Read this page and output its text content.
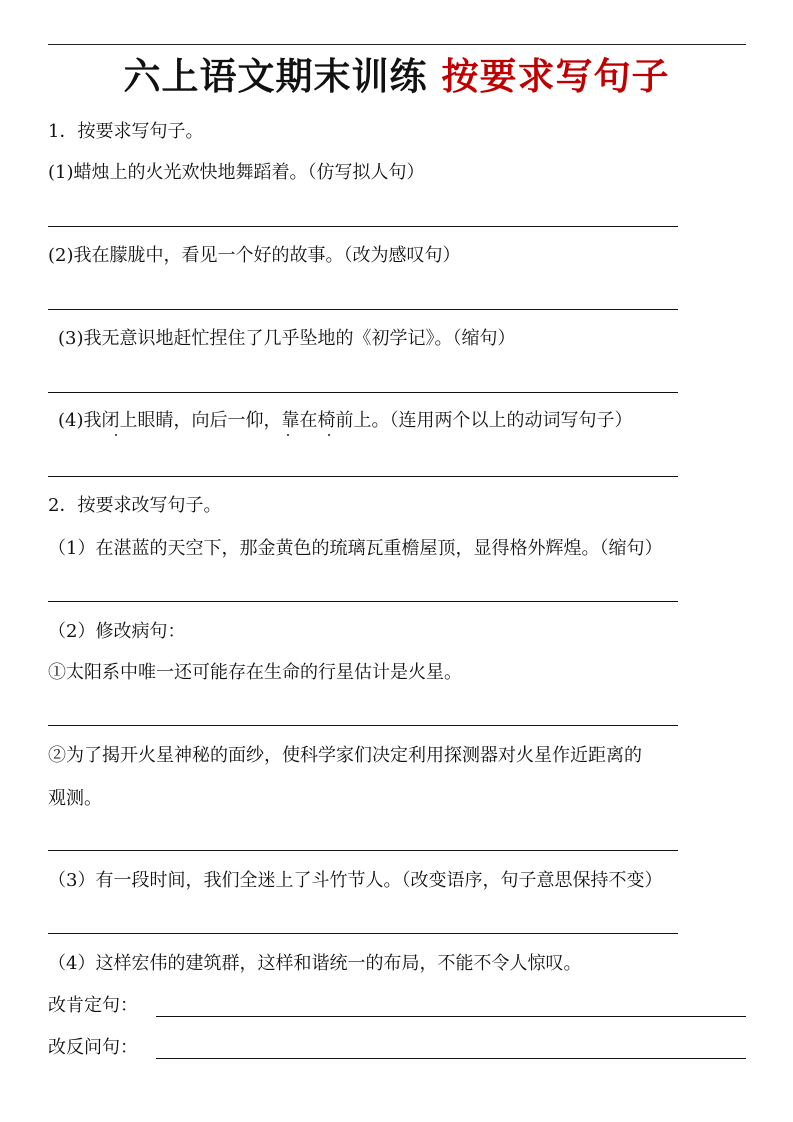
六上语文期末训练 按要求写句子
1．按要求写句子。
(1)蜡烛上的火光欢快地舞蹈着。（仿写拟人句）
(2)我在朦胧中，看见一个好的故事。（改为感叹句）
(3)我无意识地赶忙捏住了几乎坠地的《初学记》。（缩句）
(4)我闭上眼睛，向后一仰，靠在椅前上。（连用两个以上的动词写句子）
2．按要求改写句子。
（1）在湛蓝的天空下，那金黄色的琉璃瓦重檐屋顶，显得格外辉煌。（缩句）
（2）修改病句：
①太阳系中唯一还可能存在生命的行星估计是火星。
②为了揭开火星神秘的面纱，使科学家们决定利用探测器对火星作近距离的
观测。
（3）有一段时间，我们全迷上了斗竹节人。（改变语序，句子意思保持不变）
（4）这样宏伟的建筑群，这样和谐统一的布局，不能不令人惊叹。
改肯定句：
改反问句：
